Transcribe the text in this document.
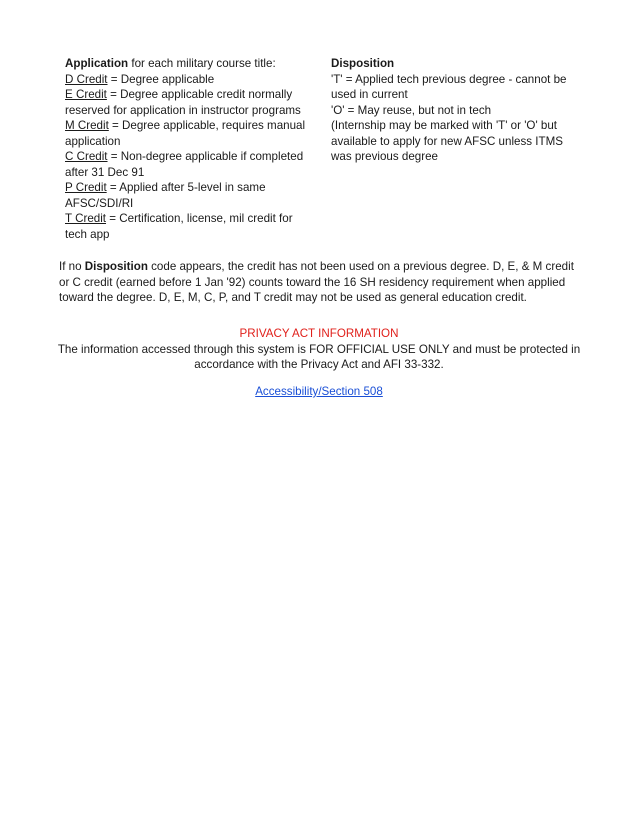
Application for each military course title:

D Credit = Degree applicable

E Credit = Degree applicable credit normally reserved for application in instructor programs

M Credit = Degree applicable, requires manual application

C Credit = Non-degree applicable if completed after 31 Dec 91

P Credit = Applied after 5-level in same AFSC/SDI/RI

T Credit = Certification, license, mil credit for tech app

Disposition

'T' = Applied tech previous degree - cannot be used in current

'O' = May reuse, but not in tech

(Internship may be marked with 'T' or 'O' but available to apply for new AFSC unless ITMS was previous degree

If no Disposition code appears, the credit has not been used on a previous degree. D, E, & M credit or C credit (earned before 1 Jan '92) counts toward the 16 SH residency requirement when applied toward the degree. D, E, M, C, P, and T credit may not be used as general education credit.

PRIVACY ACT INFORMATION

The information accessed through this system is FOR OFFICIAL USE ONLY and must be protected in accordance with the Privacy Act and AFI 33-332.

Accessibility/Section 508
